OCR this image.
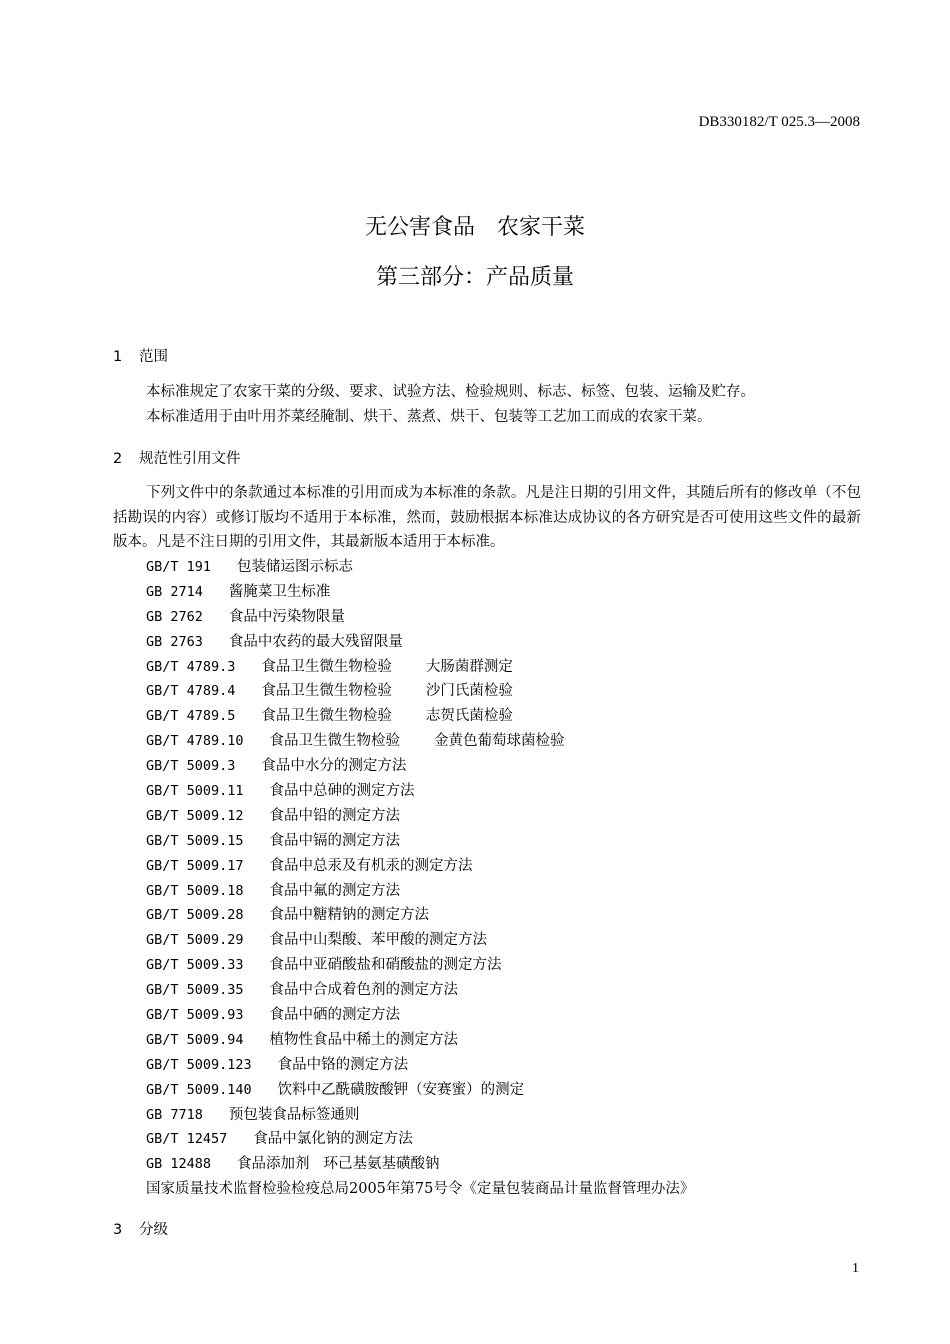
DB330182/T 025.3—2008
无公害食品　农家干菜
第三部分：产品质量
1 范围
本标准规定了农家干菜的分级、要求、试验方法、检验规则、标志、标签、包装、运输及贮存。
本标准适用于由叶用芥菜经腌制、烘干、蒸煮、烘干、包装等工艺加工而成的农家干菜。
2 规范性引用文件
下列文件中的条款通过本标准的引用而成为本标准的条款。凡是注日期的引用文件，其随后所有的修改单（不包括勘误的内容）或修订版均不适用于本标准，然而，鼓励根据本标准达成协议的各方研究是否可使用这些文件的最新版本。凡是不注日期的引用文件，其最新版本适用于本标准。
GB/T 191 包装储运图示标志
GB 2714 酱腌菜卫生标准
GB 2762 食品中污染物限量
GB 2763 食品中农药的最大残留限量
GB/T 4789.3 食品卫生微生物检验 大肠菌群测定
GB/T 4789.4 食品卫生微生物检验 沙门氏菌检验
GB/T 4789.5 食品卫生微生物检验 志贺氏菌检验
GB/T 4789.10 食品卫生微生物检验 金黄色葡萄球菌检验
GB/T 5009.3 食品中水分的测定方法
GB/T 5009.11 食品中总砷的测定方法
GB/T 5009.12 食品中铅的测定方法
GB/T 5009.15 食品中镉的测定方法
GB/T 5009.17 食品中总汞及有机汞的测定方法
GB/T 5009.18 食品中氟的测定方法
GB/T 5009.28 食品中糖精钠的测定方法
GB/T 5009.29 食品中山梨酸、苯甲酸的测定方法
GB/T 5009.33 食品中亚硝酸盐和硝酸盐的测定方法
GB/T 5009.35 食品中合成着色剂的测定方法
GB/T 5009.93 食品中硒的测定方法
GB/T 5009.94 植物性食品中稀土的测定方法
GB/T 5009.123 食品中铬的测定方法
GB/T 5009.140 饮料中乙酰磺胺酸钾（安赛蜜）的测定
GB 7718 预包装食品标签通则
GB/T 12457 食品中氯化钠的测定方法
GB 12488 食品添加剂 环己基氨基磺酸钠
国家质量技术监督检验检疫总局2005年第75号令《定量包装商品计量监督管理办法》
3 分级
1
